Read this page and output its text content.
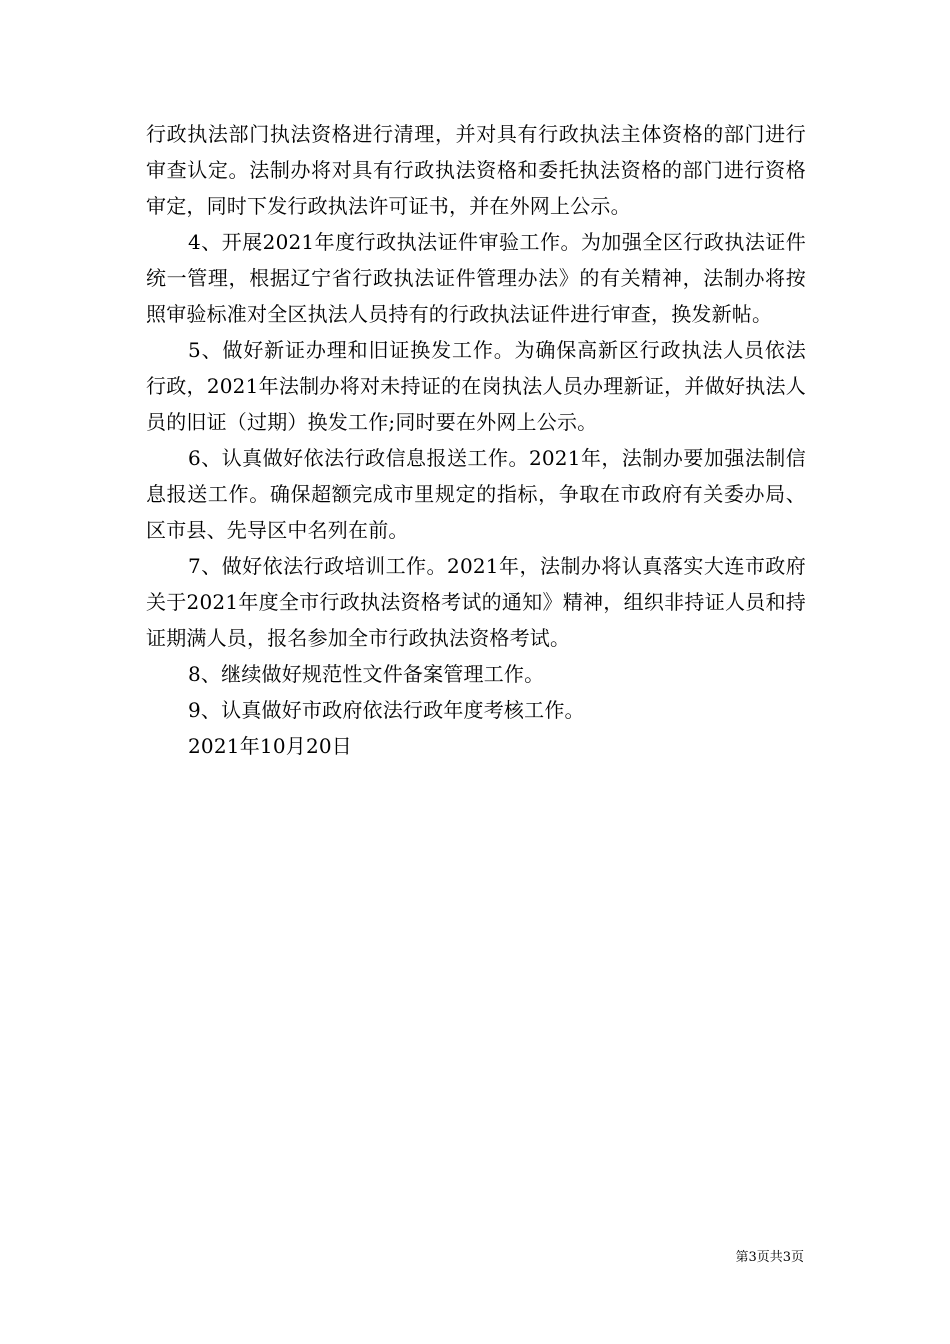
行政执法部门执法资格进行清理，并对具有行政执法主体资格的部门进行审查认定。法制办将对具有行政执法资格和委托执法资格的部门进行资格审定，同时下发行政执法许可证书，并在外网上公示。

4、开展2021年度行政执法证件审验工作。为加强全区行政执法证件统一管理，根据辽宁省行政执法证件管理办法》的有关精神，法制办将按照审验标准对全区执法人员持有的行政执法证件进行审查，换发新帖。

5、做好新证办理和旧证换发工作。为确保高新区行政执法人员依法行政，2021年法制办将对未持证的在岗执法人员办理新证，并做好执法人员的旧证（过期）换发工作;同时要在外网上公示。

6、认真做好依法行政信息报送工作。2021年，法制办要加强法制信息报送工作。确保超额完成市里规定的指标，争取在市政府有关委办局、区市县、先导区中名列在前。

7、做好依法行政培训工作。2021年，法制办将认真落实大连市政府关于2021年度全市行政执法资格考试的通知》精神，组织非持证人员和持证期满人员，报名参加全市行政执法资格考试。

8、继续做好规范性文件备案管理工作。

9、认真做好市政府依法行政年度考核工作。

2021年10月20日

第3页共3页
